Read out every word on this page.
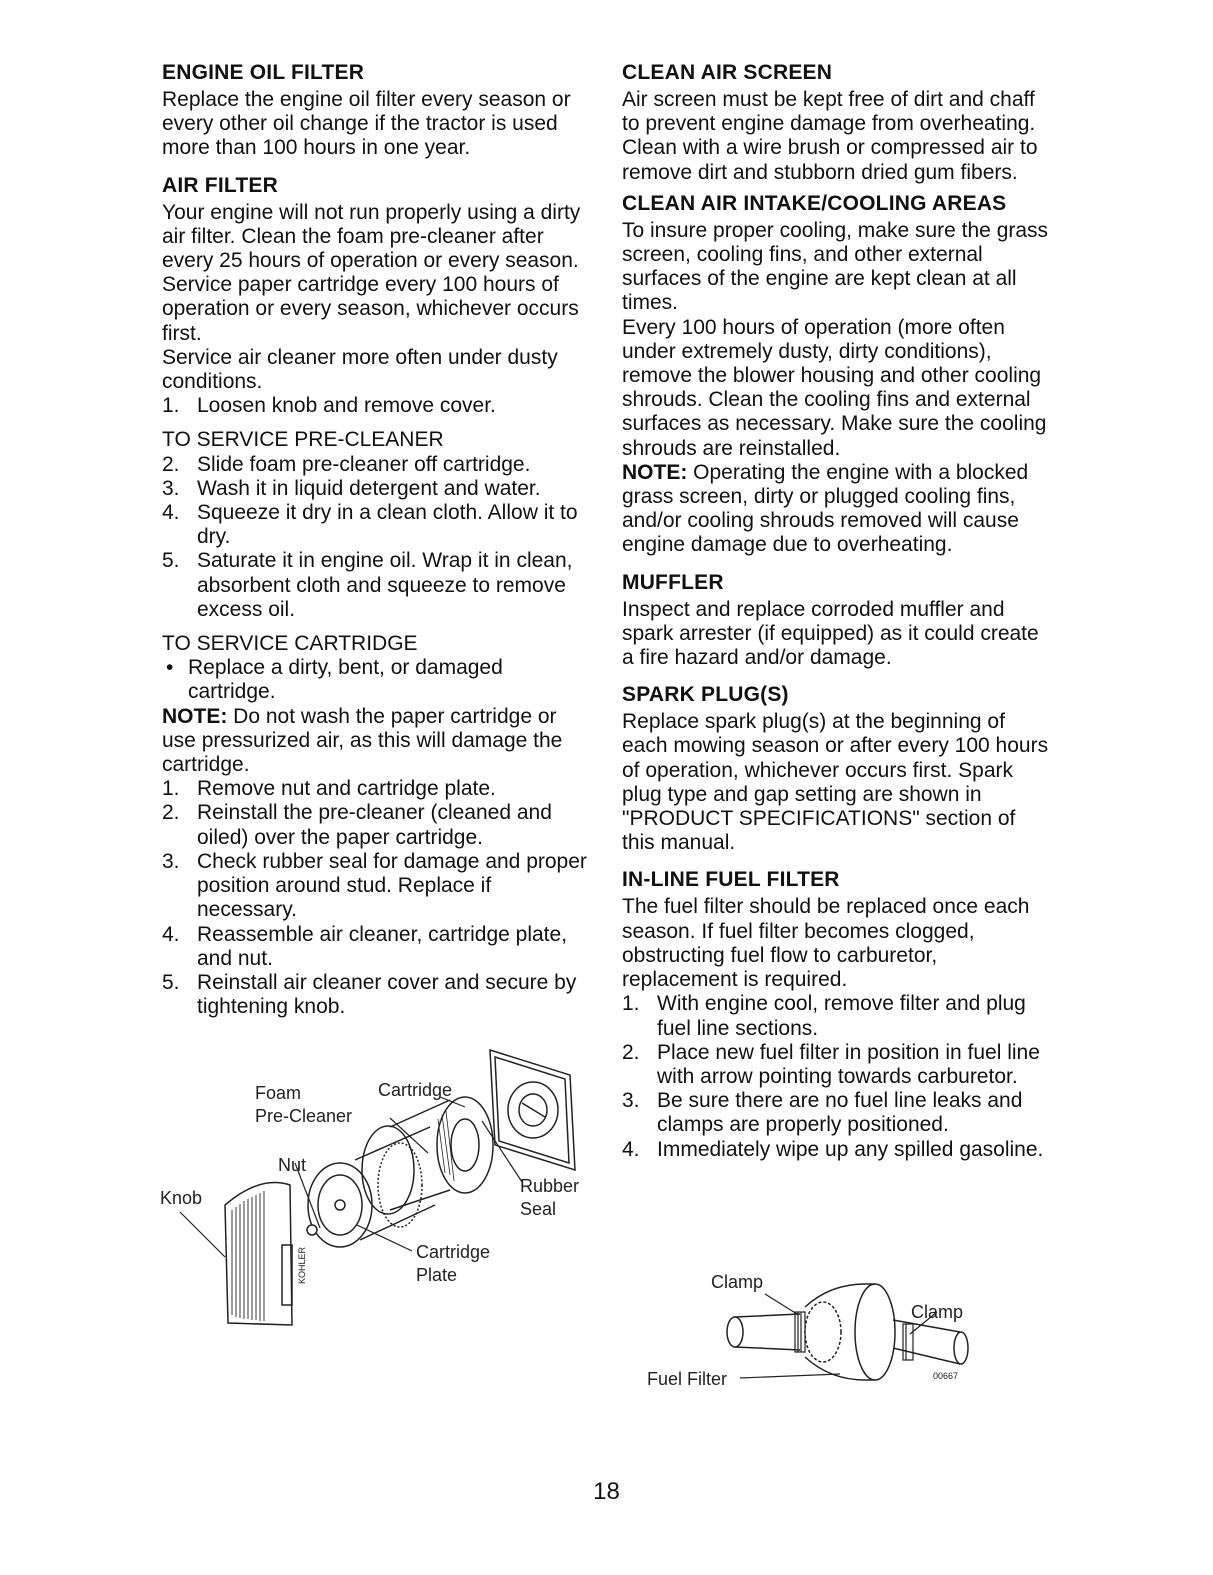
ENGINE OIL FILTER

Replace the engine oil filter every season or every other oil change if the tractor is used more than 100 hours in one year.

AIR FILTER

Your engine will not run properly using a dirty air filter. Clean the foam pre-cleaner after every 25 hours of operation or every season. Service paper cartridge every 100 hours of operation or every season, whichever occurs first.

Service air cleaner more often under dusty conditions.

1. Loosen knob and remove cover.

TO SERVICE PRE-CLEANER

2. Slide foam pre-cleaner off cartridge.
3. Wash it in liquid detergent and water.
4. Squeeze it dry in a clean cloth. Allow it to dry.
5. Saturate it in engine oil. Wrap it in clean, absorbent cloth and squeeze to remove excess oil.

TO SERVICE CARTRIDGE

• Replace a dirty, bent, or damaged cartridge.

NOTE: Do not wash the paper cartridge or use pressurized air, as this will damage the cartridge.

1. Remove nut and cartridge plate.
2. Reinstall the pre-cleaner (cleaned and oiled) over the paper cartridge.
3. Check rubber seal for damage and proper position around stud. Replace if necessary.
4. Reassemble air cleaner, cartridge plate, and nut.
5. Reinstall air cleaner cover and secure by tightening knob.
KOHLER
Foam
Pre-Cleaner
Cartridge
Nut
Knob
Rubber
Seal
Cartridge
Plate
CLEAN AIR SCREEN

Air screen must be kept free of dirt and chaff to prevent engine damage from overheating. Clean with a wire brush or compressed air to remove dirt and stubborn dried gum fibers.

CLEAN AIR INTAKE/COOLING AREAS

To insure proper cooling, make sure the grass screen, cooling fins, and other external surfaces of the engine are kept clean at all times.

Every 100 hours of operation (more often under extremely dusty, dirty conditions), remove the blower housing and other cooling shrouds. Clean the cooling fins and external surfaces as necessary. Make sure the cooling shrouds are reinstalled.

NOTE: Operating the engine with a blocked grass screen, dirty or plugged cooling fins, and/or cooling shrouds removed will cause engine damage due to overheating.

MUFFLER

Inspect and replace corroded muffler and spark arrester (if equipped) as it could create a fire hazard and/or damage.

SPARK PLUG(S)

Replace spark plug(s) at the beginning of each mowing season or after every 100 hours of operation, whichever occurs first. Spark plug type and gap setting are shown in "PRODUCT SPECIFICATIONS" section of this manual.

IN-LINE FUEL FILTER

The fuel filter should be replaced once each season. If fuel filter becomes clogged, obstructing fuel flow to carburetor, replacement is required.

1. With engine cool, remove filter and plug fuel line sections.
2. Place new fuel filter in position in fuel line with arrow pointing towards carburetor.
3. Be sure there are no fuel line leaks and clamps are properly positioned.
4. Immediately wipe up any spilled gasoline.
Clamp
Clamp
Fuel Filter	00667
18
